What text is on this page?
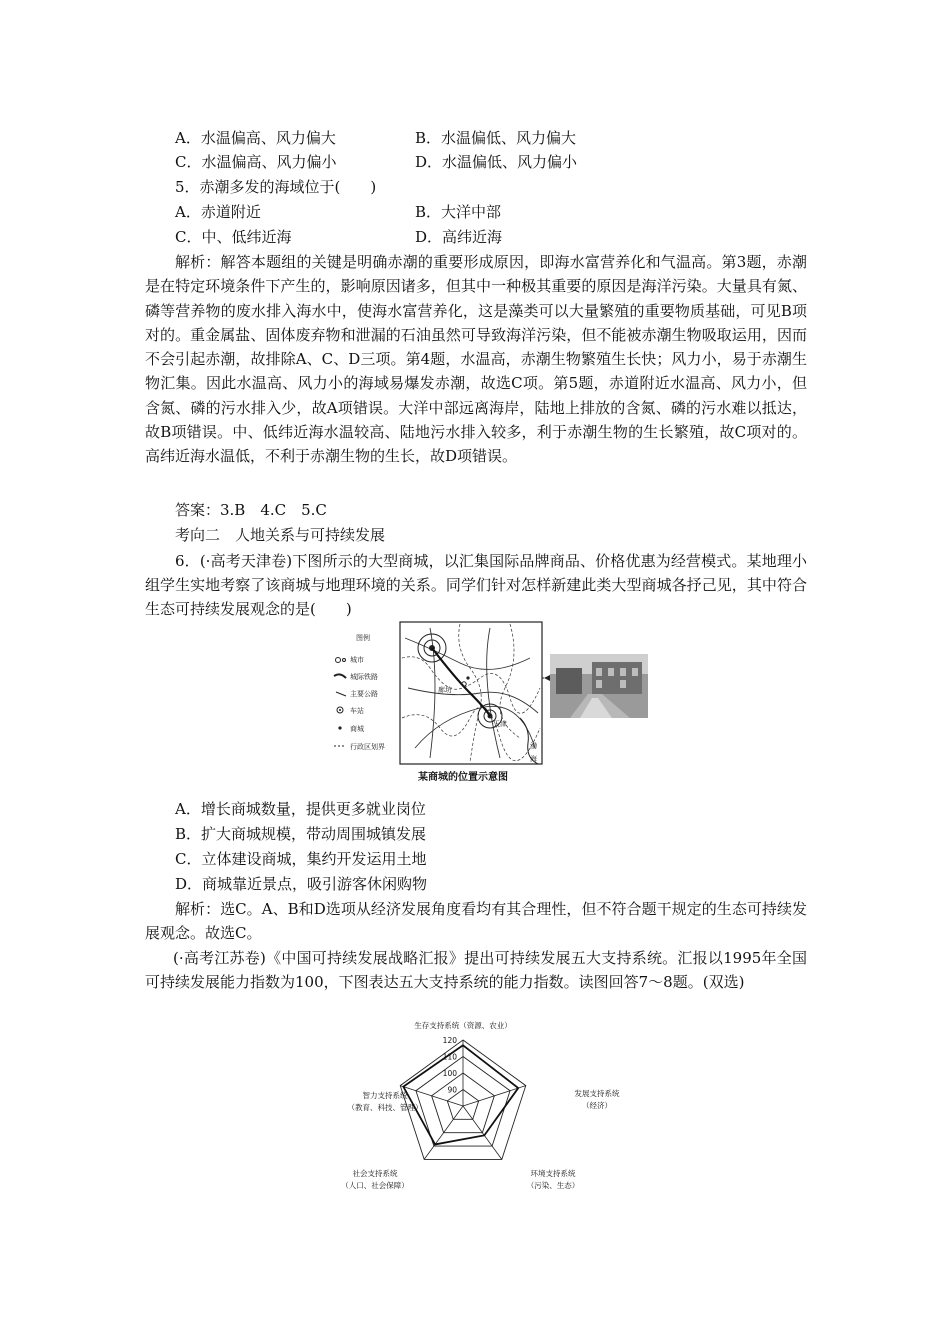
A．水温偏高、风力偏大	B．水温偏低、风力偏大
C．水温偏高、风力偏小	D．水温偏低、风力偏小
5．赤潮多发的海域位于(　　)
A．赤道附近	B．大洋中部
C．中、低纬近海	D．高纬近海
解析：解答本题组的关键是明确赤潮的重要形成原因，即海水富营养化和气温高。第3题，赤潮是在特定环境条件下产生的，影响原因诸多，但其中一种极其重要的原因是海洋污染。大量具有氮、磷等营养物的废水排入海水中，使海水富营养化，这是藻类可以大量繁殖的重要物质基础，可见B项对的。重金属盐、固体废弃物和泄漏的石油虽然可导致海洋污染，但不能被赤潮生物吸取运用，因而不会引起赤潮，故排除A、C、D三项。第4题，水温高，赤潮生物繁殖生长快；风力小，易于赤潮生物汇集。因此水温高、风力小的海域易爆发赤潮，故选C项。第5题，赤道附近水温高、风力小，但含氮、磷的污水排入少，故A项错误。大洋中部远离海岸，陆地上排放的含氮、磷的污水难以抵达，故B项错误。中、低纬近海水温较高、陆地污水排入较多，利于赤潮生物的生长繁殖，故C项对的。高纬近海水温低，不利于赤潮生物的生长，故D项错误。
答案：3.B　4.C　5.C
考向二　人地关系与可持续发展
6．(·高考天津卷)下图所示的大型商城，以汇集国际品牌商品、价格优惠为经营模式。某地理小组学生实地考察了该商城与地理环境的关系。同学们针对怎样新建此类大型商城各抒己见，其中符合生态可持续发展观念的是(　　)
图例
城市
城际铁路
主要公路
车站
商城
行政区划界
廊坊
天津
渤
海
某商城的位置示意图
A．增长商城数量，提供更多就业岗位
B．扩大商城规模，带动周围城镇发展
C．立体建设商城，集约开发运用土地
D．商城靠近景点，吸引游客休闲购物
解析：选C。A、B和D选项从经济发展角度看均有其合理性，但不符合题干规定的生态可持续发展观念。故选C。
(·高考江苏卷)《中国可持续发展战略汇报》提出可持续发展五大支持系统。汇报以1995年全国可持续发展能力指数为100，下图表达五大支持系统的能力指数。读图回答7～8题。(双选)
120
110
100
90
生存支持系统（资源、农业）
发展支持系统
（经济）
环境支持系统
（污染、生态）
社会支持系统
（人口、社会保障）
智力支持系统
（教育、科技、管理）
